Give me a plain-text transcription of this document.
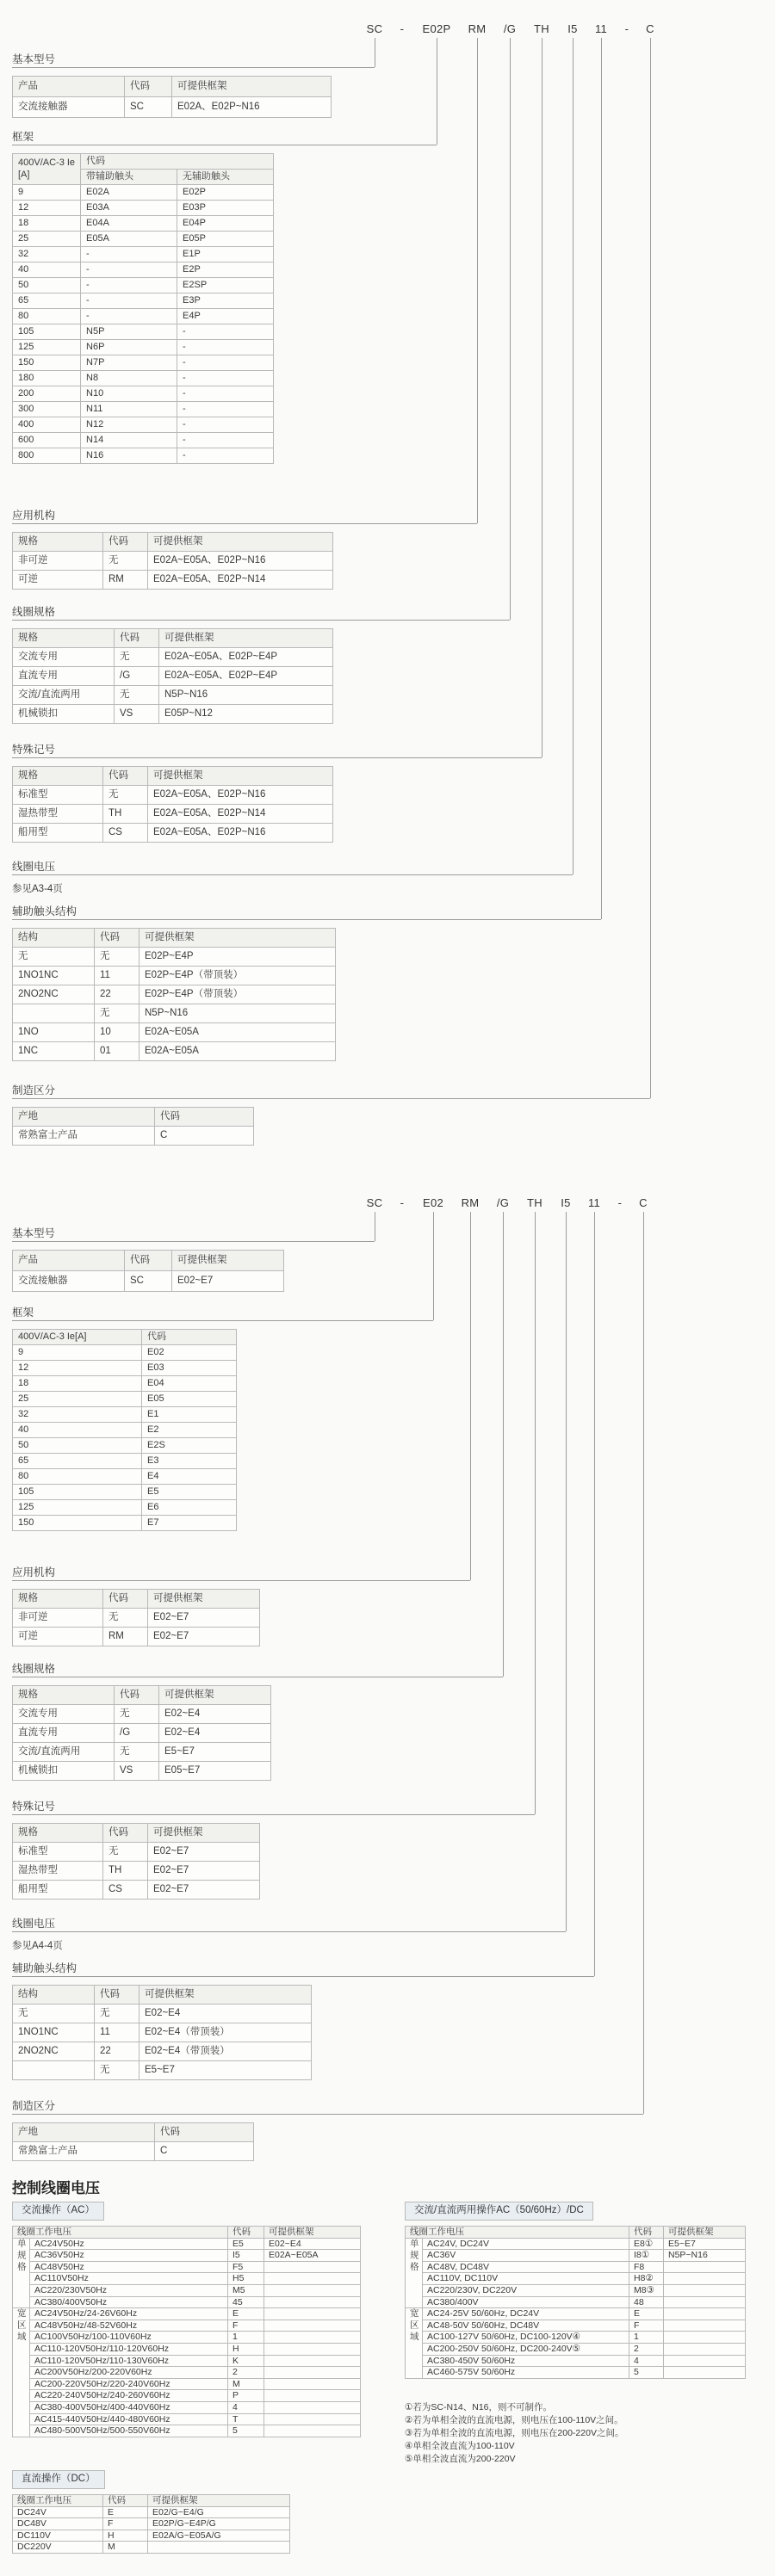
SC - E02P RM /G TH I5 11 - C
基本型号
框架
应用机构
线圈规格
特殊记号
线圈电压
辅助触头结构
制造区分
产品	代码	可提供框架
交流接触器	SC	E02A、E02P~N16
400V/AC-3 Ie
[A]	代码	
	带辅助触头	无辅助触头
9	E02A	E02P
12	E03A	E03P
18	E04A	E04P
25	E05A	E05P
32	-	E1P
40	-	E2P
50	-	E2SP
65	-	E3P
80	-	E4P
105	N5P	-
125	N6P	-
150	N7P	-
180	N8	-
200	N10	-
300	N11	-
400	N12	-
600	N14	-
800	N16	-
规格	代码	可提供框架
非可逆	无	E02A~E05A、E02P~N16
可逆	RM	E02A~E05A、E02P~N14
规格	代码	可提供框架
交流专用	无	E02A~E05A、E02P~E4P
直流专用	/G	E02A~E05A、E02P~E4P
交流/直流两用	无	N5P~N16
机械锁扣	VS	E05P~N12
规格	代码	可提供框架
标准型	无	E02A~E05A、E02P~N16
湿热带型	TH	E02A~E05A、E02P~N14
船用型	CS	E02A~E05A、E02P~N16
参见A3-4页
结构	代码	可提供框架
无	无	E02P~E4P
1NO1NC	11	E02P~E4P（带顶装）
2NO2NC	22	E02P~E4P（带顶装）
	无	N5P~N16
1NO	10	E02A~E05A
1NC	01	E02A~E05A
产地	代码
常熟富士产品	C
SC - E02 RM /G TH I5 11 - C
基本型号
框架
应用机构
线圈规格
特殊记号
线圈电压
辅助触头结构
制造区分
产品	代码	可提供框架
交流接触器	SC	E02~E7
400V/AC-3 Ie[A]	代码
9	E02
12	E03
18	E04
25	E05
32	E1
40	E2
50	E2S
65	E3
80	E4
105	E5
125	E6
150	E7
规格	代码	可提供框架
非可逆	无	E02~E7
可逆	RM	E02~E7
规格	代码	可提供框架
交流专用	无	E02~E4
直流专用	/G	E02~E4
交流/直流两用	无	E5~E7
机械锁扣	VS	E05~E7
规格	代码	可提供框架
标准型	无	E02~E7
湿热带型	TH	E02~E7
船用型	CS	E02~E7
参见A4-4页
结构	代码	可提供框架
无	无	E02~E4
1NO1NC	11	E02~E4（带顶装）
2NO2NC	22	E02~E4（带顶装）
	无	E5~E7
产地	代码
常熟富士产品	C
控制线圈电压
交流操作（AC）	交流/直流两用操作AC（50/60Hz）/DC
线圈工作电压		代码	可提供框架
单规格	AC24V50Hz	E5	E02~E4
	AC36V50Hz	I5	E02A~E05A
	AC48V50Hz	F5	
	AC110V50Hz	H5	
	AC220/230V50Hz	M5	
	AC380/400V50Hz	45	
宽区域	AC24V50Hz/24-26V60Hz	E	
	AC48V50Hz/48-52V60Hz	F	
	AC100V50Hz/100-110V60Hz	1	
	AC110-120V50Hz/110-120V60Hz	H	
	AC110-120V50Hz/110-130V60Hz	K	
	AC200V50Hz/200-220V60Hz	2	
	AC200-220V50Hz/220-240V60Hz	M	
	AC220-240V50Hz/240-260V60Hz	P	
	AC380-400V50Hz/400-440V60Hz	4	
	AC415-440V50Hz/440-480V60Hz	T	
	AC480-500V50Hz/500-550V60Hz	5	
线圈工作电压		代码	可提供框架
单规格	AC24V, DC24V	E8①	E5~E7
	AC36V	I8①	N5P~N16
	AC48V, DC48V	F8	
	AC110V, DC110V	H8②	
	AC220/230V, DC220V	M8③	
	AC380/400V	48	
宽区域	AC24-25V 50/60Hz, DC24V	E	
	AC48-50V 50/60Hz, DC48V	F	
	AC100-127V 50/60Hz, DC100-120V④	1	
	AC200-250V 50/60Hz, DC200-240V⑤	2	
	AC380-450V 50/60Hz	4	
	AC460-575V 50/60Hz	5	
①若为SC-N14、N16，则不可制作。
②若为单相全波的直流电源，则电压在100-110V之间。
③若为单相全波的直流电源，则电压在200-220V之间。
④单相全波直流为100-110V
⑤单相全波直流为200-220V
直流操作（DC）
线圈工作电压	代码	可提供框架
DC24V	E	E02/G~E4/G
DC48V	F	E02P/G~E4P/G
DC110V	H	E02A/G~E05A/G
DC220V	M	
